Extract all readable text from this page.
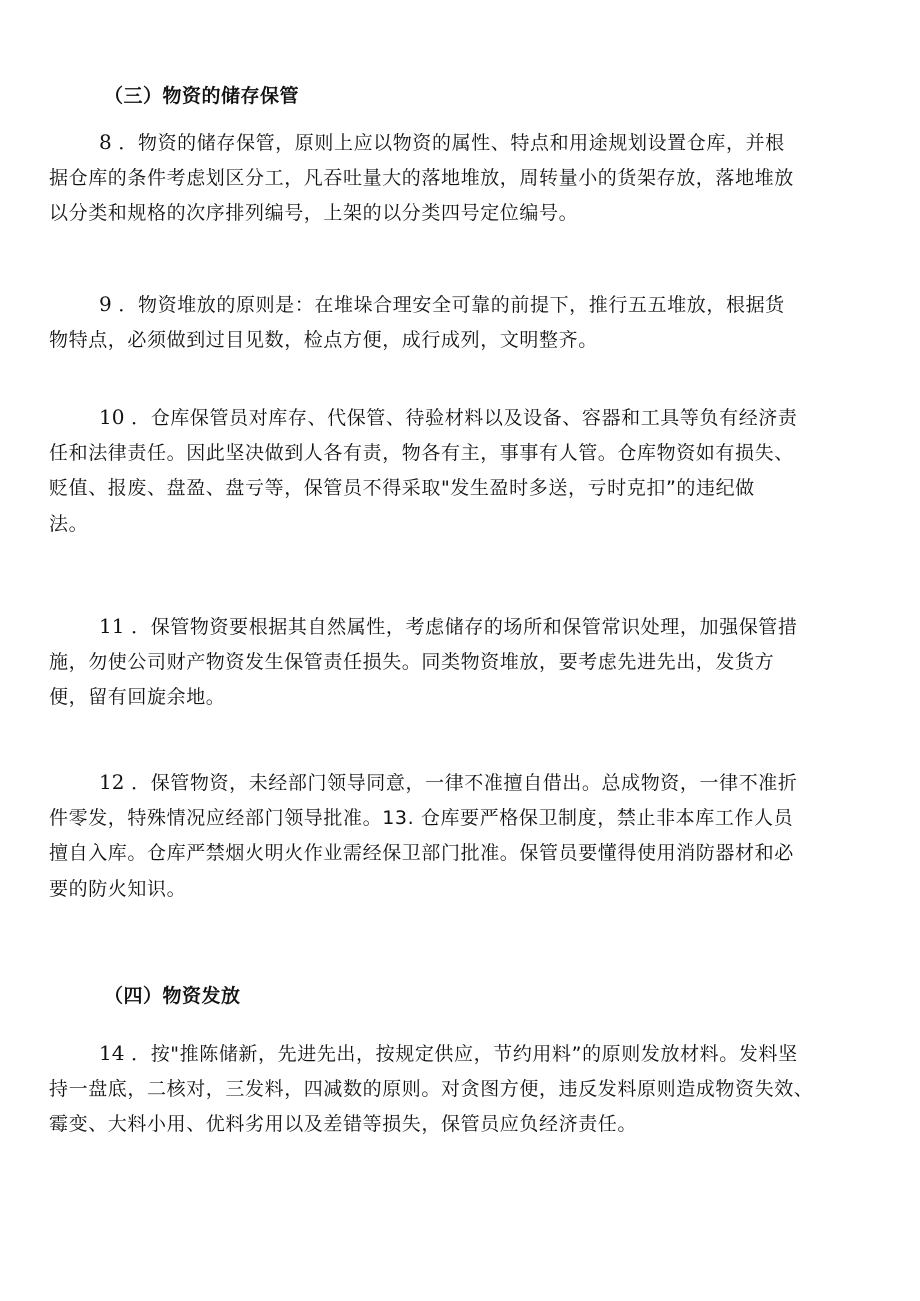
（三）物资的储存保管
8 ．物资的储存保管，原则上应以物资的属性、特点和用途规划设置仓库，并根
据仓库的条件考虑划区分工，凡吞吐量大的落地堆放，周转量小的货架存放，落地堆放
以分类和规格的次序排列编号，上架的以分类四号定位编号。
9 ．物资堆放的原则是：在堆垛合理安全可靠的前提下，推行五五堆放，根据货
物特点，必须做到过目见数，检点方便，成行成列，文明整齐。
10 ．仓库保管员对库存、代保管、待验材料以及设备、容器和工具等负有经济责
任和法律责任。因此坚决做到人各有责，物各有主，事事有人管。仓库物资如有损失、
贬值、报废、盘盈、盘亏等，保管员不得采取"发生盈时多送，亏时克扣”的违纪做
法。
11 ．保管物资要根据其自然属性，考虑储存的场所和保管常识处理，加强保管措
施，勿使公司财产物资发生保管责任损失。同类物资堆放，要考虑先进先出，发货方
便，留有回旋余地。
12 ．保管物资，未经部门领导同意，一律不准擅自借出。总成物资，一律不准折
件零发，特殊情况应经部门领导批准。13. 仓库要严格保卫制度，禁止非本库工作人员
擅自入库。仓库严禁烟火明火作业需经保卫部门批准。保管员要懂得使用消防器材和必
要的防火知识。
（四）物资发放
14 ．按"推陈储新，先进先出，按规定供应，节约用料”的原则发放材料。发料坚
持一盘底，二核对，三发料，四减数的原则。对贪图方便，违反发料原则造成物资失效、
霉变、大料小用、优料劣用以及差错等损失，保管员应负经济责任。
